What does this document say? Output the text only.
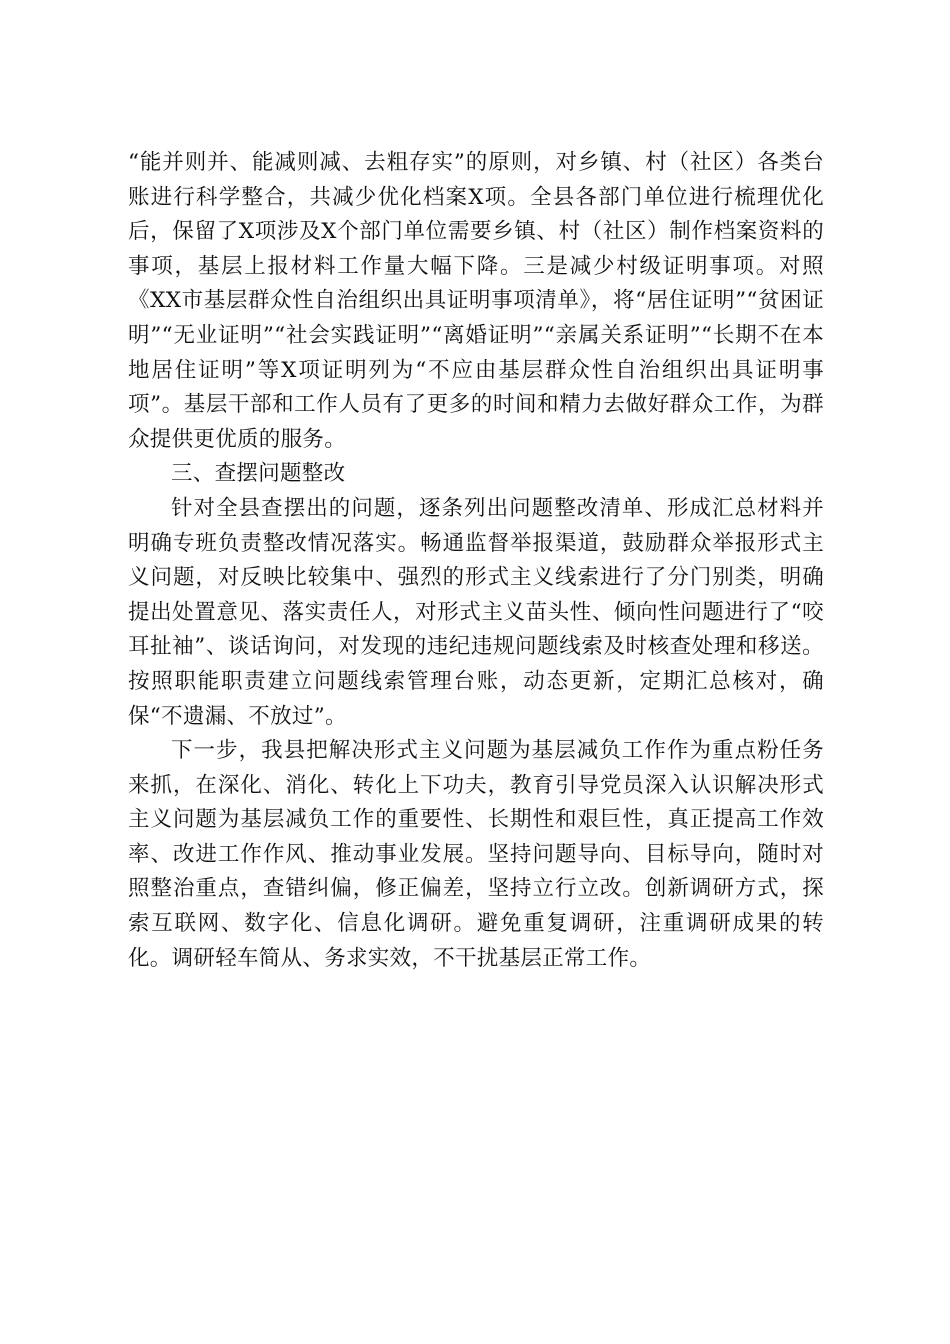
“能并则并、能减则减、去粗存实”的原则，对乡镇、村（社区）各类台账进行科学整合，共减少优化档案X项。全县各部门单位进行梳理优化后，保留了X项涉及X个部门单位需要乡镇、村（社区）制作档案资料的事项，基层上报材料工作量大幅下降。三是减少村级证明事项。对照《XX市基层群众性自治组织出具证明事项清单》，将“居住证明”“贫困证明”“无业证明”“社会实践证明”“离婚证明”“亲属关系证明”“长期不在本地居住证明”等X项证明列为“不应由基层群众性自治组织出具证明事项”。基层干部和工作人员有了更多的时间和精力去做好群众工作，为群众提供更优质的服务。

三、查摆问题整改

针对全县查摆出的问题，逐条列出问题整改清单、形成汇总材料并明确专班负责整改情况落实。畅通监督举报渠道，鼓励群众举报形式主义问题，对反映比较集中、强烈的形式主义线索进行了分门别类，明确提出处置意见、落实责任人，对形式主义苗头性、倾向性问题进行了“咬耳扯袖”、谈话询问，对发现的违纪违规问题线索及时核查处理和移送。按照职能职责建立问题线索管理台账，动态更新，定期汇总核对，确保“不遗漏、不放过”。

下一步，我县把解决形式主义问题为基层减负工作作为重点粉任务来抓，在深化、消化、转化上下功夫，教育引导党员深入认识解决形式主义问题为基层减负工作的重要性、长期性和艰巨性，真正提高工作效率、改进工作作风、推动事业发展。坚持问题导向、目标导向，随时对照整治重点，查错纠偏，修正偏差，坚持立行立改。创新调研方式，探索互联网、数字化、信息化调研。避免重复调研，注重调研成果的转化。调研轻车简从、务求实效，不干扰基层正常工作。
